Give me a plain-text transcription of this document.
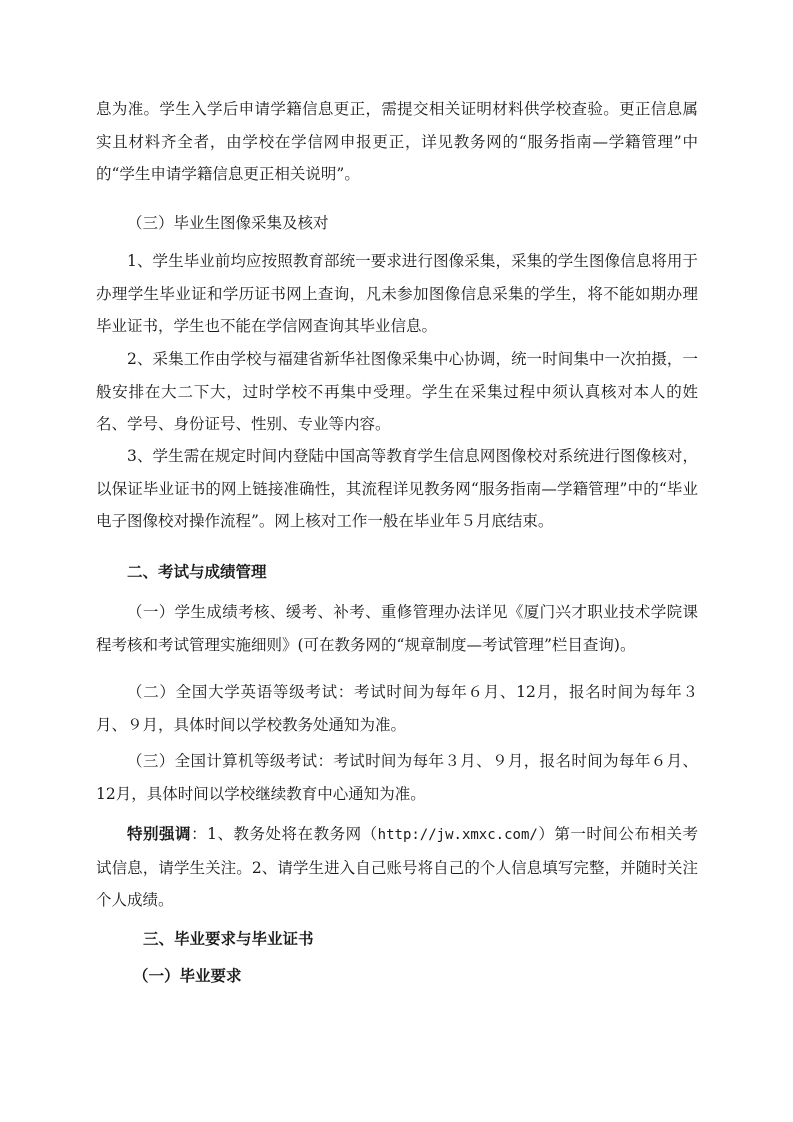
息为准。学生入学后申请学籍信息更正，需提交相关证明材料供学校查验。更正信息属实且材料齐全者，由学校在学信网申报更正，详见教务网的“服务指南—学籍管理”中的“学生申请学籍信息更正相关说明”。

（三）毕业生图像采集及核对

1、学生毕业前均应按照教育部统一要求进行图像采集，采集的学生图像信息将用于办理学生毕业证和学历证书网上查询，凡未参加图像信息采集的学生，将不能如期办理毕业证书，学生也不能在学信网查询其毕业信息。

2、采集工作由学校与福建省新华社图像采集中心协调，统一时间集中一次拍摄，一般安排在大二下大，过时学校不再集中受理。学生在采集过程中须认真核对本人的姓名、学号、身份证号、性别、专业等内容。

3、学生需在规定时间内登陆中国高等教育学生信息网图像校对系统进行图像核对，以保证毕业证书的网上链接准确性，其流程详见教务网“服务指南—学籍管理”中的“毕业电子图像校对操作流程”。网上核对工作一般在毕业年５月底结束。

二、考试与成绩管理

（一）学生成绩考核、缓考、补考、重修管理办法详见《厦门兴才职业技术学院课程考核和考试管理实施细则》(可在教务网的“规章制度—考试管理”栏目查询)。

（二）全国大学英语等级考试：考试时间为每年６月、12月，报名时间为每年３月、９月，具体时间以学校教务处通知为准。

（三）全国计算机等级考试：考试时间为每年３月、９月，报名时间为每年６月、12月，具体时间以学校继续教育中心通知为准。

特别强调：1、教务处将在教务网（http://jw.xmxc.com/）第一时间公布相关考试信息，请学生关注。2、请学生进入自己账号将自己的个人信息填写完整，并随时关注个人成绩。

三、毕业要求与毕业证书

（一）毕业要求
